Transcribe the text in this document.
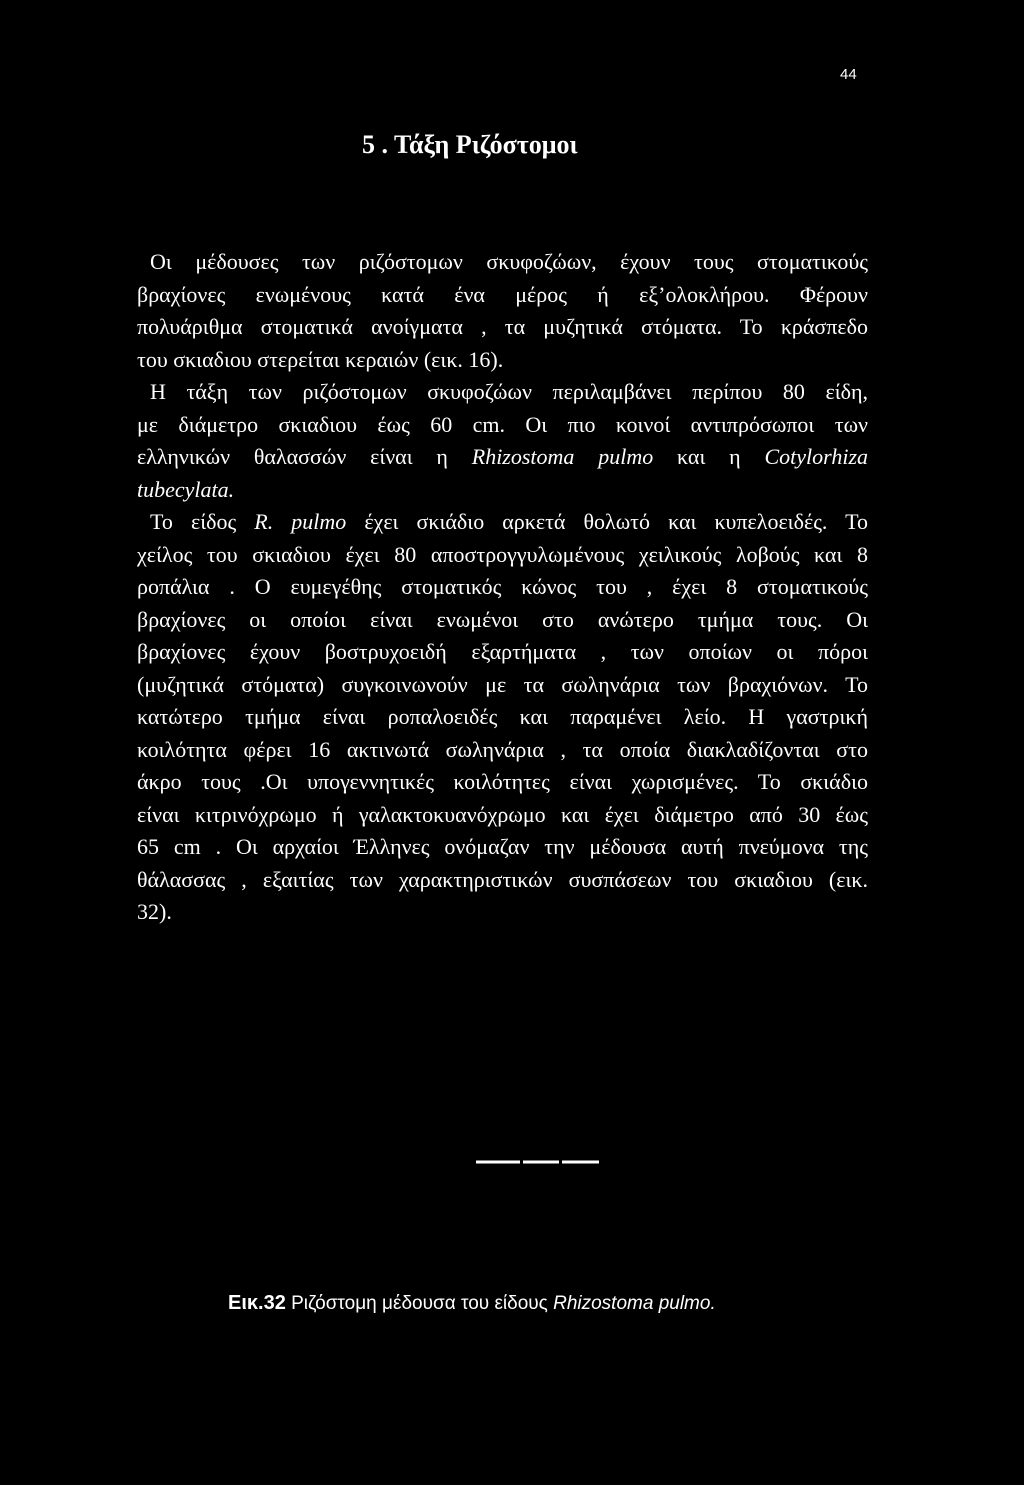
44
5 . Τάξη Ριζόστομοι
Οι μέδουσες των ριζόστομων σκυφοζώων, έχουν τους στοματικούς
βραχίονες ενωμένους κατά ένα μέρος ή εξ’ολοκλήρου. Φέρουν
πολυάριθμα στοματικά ανοίγματα , τα μυζητικά στόματα. Το κράσπεδο
του σκιαδιου στερείται κεραιών (εικ. 16).
Η τάξη των ριζόστομων σκυφοζώων περιλαμβάνει περίπου 80 είδη,
με διάμετρο σκιαδιου έως 60 cm. Οι πιο κοινοί αντιπρόσωποι των
ελληνικών θαλασσών είναι η Rhizostoma pulmo και η Cotylorhiza
tubecylata.
Το είδος R. pulmo έχει σκιάδιο αρκετά θολωτό και κυπελοειδές. Το
χείλος του σκιαδιου έχει 80 αποστρογγυλωμένους χειλικούς λοβούς και 8
ροπάλια . Ο ευμεγέθης στοματικός κώνος του , έχει 8 στοματικούς
βραχίονες οι οποίοι είναι ενωμένοι στο ανώτερο τμήμα τους. Οι
βραχίονες έχουν βοστρυχοειδή εξαρτήματα , των οποίων οι πόροι
(μυζητικά στόματα) συγκοινωνούν με τα σωληνάρια των βραχιόνων. Το
κατώτερο τμήμα είναι ροπαλοειδές και παραμένει λείο. Η γαστρική
κοιλότητα φέρει 16 ακτινωτά σωληνάρια , τα οποία διακλαδίζονται στο
άκρο τους .Οι υπογεννητικές κοιλότητες είναι χωρισμένες. Το σκιάδιο
είναι κιτρινόχρωμο ή γαλακτοκυανόχρωμο και έχει διάμετρο από 30 έως
65 cm . Οι αρχαίοι Έλληνες ονόμαζαν την μέδουσα αυτή πνεύμονα της
θάλασσας , εξαιτίας των χαρακτηριστικών συσπάσεων του σκιαδιου (εικ.
32).
Εικ.32 Ριζόστομη μέδουσα του είδους Rhizostoma pulmo.
